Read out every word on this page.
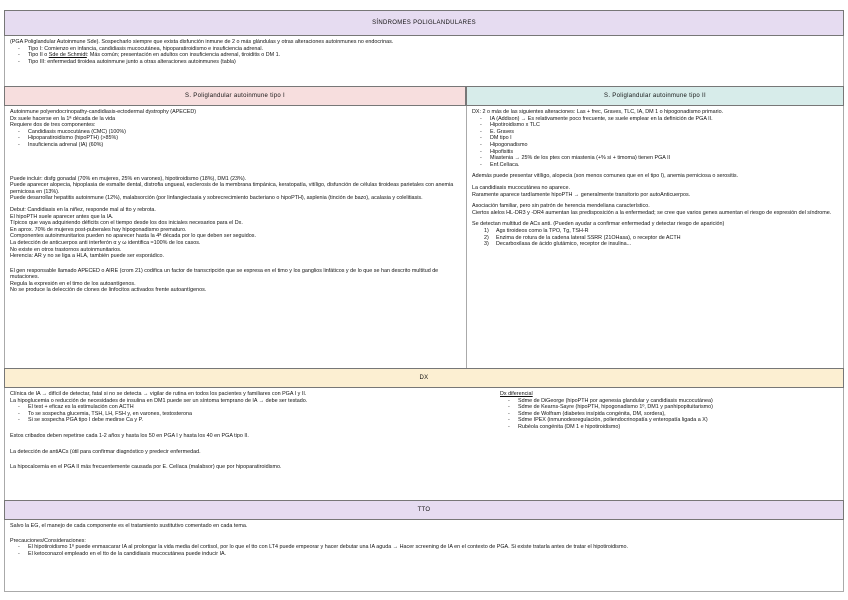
SÍNDROMES POLIGLANDULARES

(PGA Poliglandular Autoinmune Sde). Sospecharlo siempre que exista disfunción inmune de 2 o más glándulas y otras alteraciones autoinmunes no endocrinas.

- Tipo I: Comienzo en infancia, candidiasis mucocutánea, hipoparatiroidismo e insuficiencia adrenal.

- Tipo II o Sde de Schmidt: Más común; presentación en adultos con insuficiencia adrenal, tiroiditis o DM 1.

- Tipo III: enfermedad tiroidea autoinmune junto a otras alteraciones autoinmunes (tabla)

S. Poliglandular autoinmune tipo I	S. Poliglandular autoinmune tipo II

Autoinmune polyendocrinopathy-candidiasis-ectodermal dystrophy (APECED)

Dx suele hacerse en la 1ª década de la vida

Requiere dos de tres componentes:

- Candidiasis mucocutánea (CMC) (100%)

- Hipoparatiroidismo (hipoPTH) (>85%)

- Insuficiencia adrenal (IA) (60%)

Puede incluir: disfg gonadal (70% en mujeres, 25% en varones), hipotiroidismo (18%), DM1 (23%).

Puede aparecer alopecia, hipoplasia de esmalte dental, distrofia ungueal, esclerosis de la membrana timpánica, keratopatía, vitíligo, disfunción de células tiroideas parietales con anemia perniciosa en (13%).

Puede desarrollar hepatitis autoinmune (12%), malabsorción (por linfangiectasia y sobrecrecimiento bacteriano o hipoPTH), asplenia (tinción de bazo), acalasia y colelitiasis.

Debut: Candidiasis en la niñez, responde mal al tto y rebrota.

El hipoPTH suele aparecer antes que la IA.

Típicos que vaya adquiriendo déficits con el tiempo desde los dos iniciales necesarios para el Dx.

En aprox. 70% de mujeres post-puberales hay hipogonadismo prematuro.

Componentes autoinmunitarios pueden no aparecer hasta la 4ª década por lo que deben ser seguidos.

La detección de anticuerpos anti interferón α y ω identifica ≈100% de los casos.

No existe en otros trastornos autoinmunitarios.

Herencia: AR y no se liga a HLA, también puede ser esporádico.

El gen responsable llamado APECED o AIRE (crom 21) codifica un factor de transcripción que se expresa en el timo y los ganglios linfáticos y de lo que se han descrito multitud de mutaciones.

Regula la expresión en el timo de los autoantígenos.

No se produce la delección de clones de linfocitos activados frente autoantígenos.

DX: 2 o más de las siguientes alteraciones: Las + frec, Graves, TLC, IA, DM 1 o hipogonadismo primario.

- IA (Addison) → Es relativamente poco frecuente, se suele emplear en la definición de PGA II.

- Hipotiroidismo x TLC

- E. Graves

- DM tipo I

- Hipogonadismo

- Hipofisitis

- Miastenia → 25% de los ptes con miastenia (+% si + timoma) tienen PGA II

- Enf.Celíaca.

Además puede presentar vitíligo, alopecia (son menos comunes que en el tipo I), anemia perniciosa o serositis.

La candidiasis mucocutánea no aparece.

Raramente aparece tardíamente hipoPTH → generalmente transitorio por autoAnticuerpos.

Asociación familiar, pero sin patrón de herencia mendeliana característico.

Ciertos alelos HL-DR3 y -DR4 aumentan las predisposición a la enfermedad; se cree que varios genes aumentan el riesgo de expresión del síndrome.

Se detectan multitud de ACs anti. (Pueden ayudar a confirmar enfermedad y detectar riesgo de aparición)

1) Ags tiroideos como la TPO, Tg, TSH-R

2) Enzima de rotura de la cadena lateral SSRR (21OHasa), o receptor de ACTH

3) Decarboxilasa de ácido glutámico, receptor de insulina...

DX

Clínica de IA → difícil de detectar, fatal si no se detecta → vigilar de rutina en todos los pacientes y familiares con PGA I y II.

La hipoglucemia o reducción de necesidades de insulina en DM1 puede ser un síntoma temprano de IA → debe ser testado.

- El test + eficaz es la estimulación con ACTH

- To se sospecha glucemia, TSH, LH, FSH y, en varones, testosterona

- Si se sospecha PGA tipo I debe medirse Ca y P.

Estos cribados deben repetirse cada 1-2 años y hasta los 50 en PGA I y hasta los 40 en PGA tipo II.

La detección de antiACs (útil para confirmar diagnóstico y predecir enfermedad.

La hipocalcemia en el PGA II más frecuentemente causada por E. Celíaca (malabsor) que por hipoparatiroidismo.

Dx diferencial

- Sdme de DiGeorge (hipoPTH por agenesia glandular y candidiasis mucocutánea)

- Sdme de Kearns-Sayre (hipoPTH, hipogonadismo 1º, DM1 y panhipopituitarismo)

- Sdme de Wolfram (diabetes insípida congénita, DM, sordera),

- Sdme IPEX (inmunodesregulación, poliendocrinopatía y enteropatía ligada a X)

- Rubéola congénita (DM 1 e hipotiroidismo)

TTO

Salvo la EG, el manejo de cada componente es el tratamiento sustitutivo comentado en cada tema.

Precauciones/Consideraciones:

- El hipotiroidismo 1º puede enmascarar IA al prolongar la vida media del cortisol, por lo que el tto con LT4 puede empeorar y hacer debutar una IA aguda → Hacer screening de IA en el contexto de PGA. Si existe tratarla antes de tratar el hipotiroidismo.

- El ketoconazol empleado en el tto de la candidiasis mucocutánea puede inducir IA.
